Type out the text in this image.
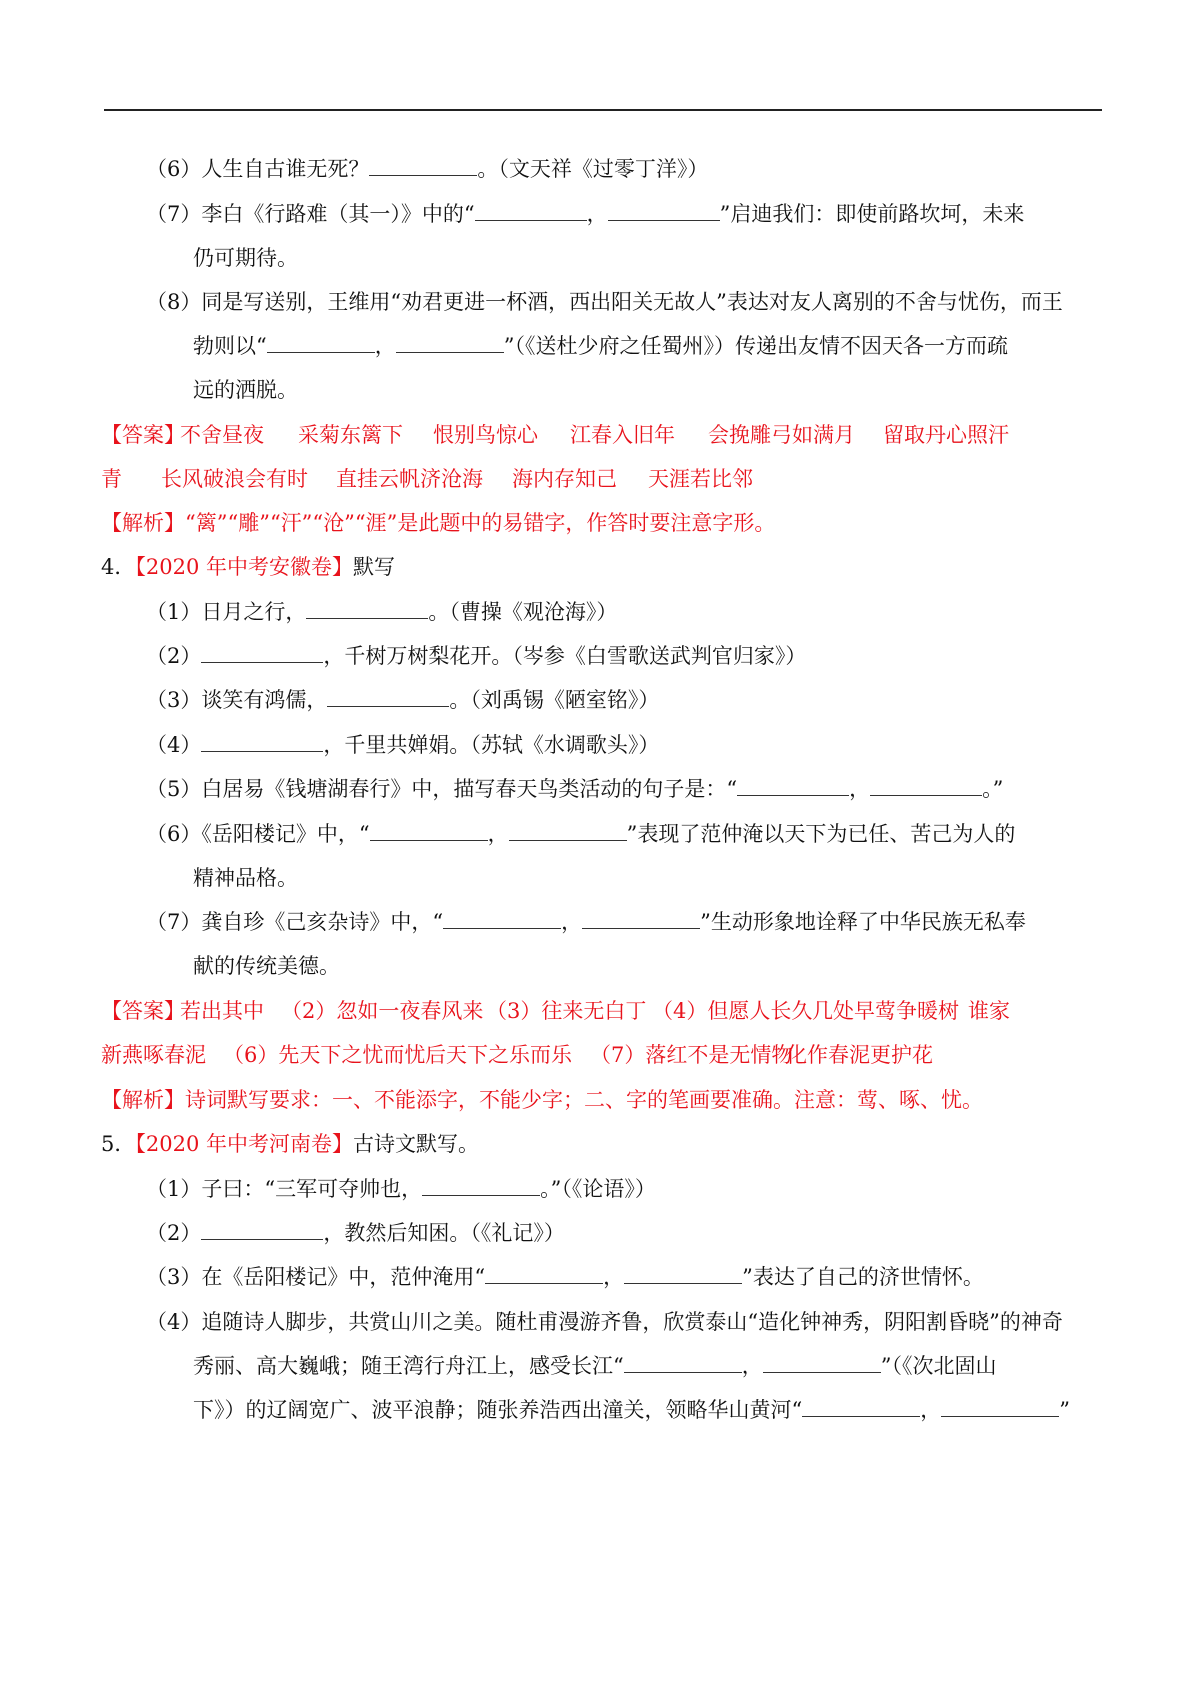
（6）人生自古谁无死？	。（文天祥《过零丁洋》）
（7）李白《行路难（其一）》中的“	，	”启迪我们：即使前路坎坷，未来
仍可期待。
（8）同是写送别，王维用“劝君更进一杯酒，西出阳关无故人”表达对友人离别的不舍与忧伤，而王
勃则以“	，	”（《送杜少府之任蜀州》）传递出友情不因天各一方而疏
远的洒脱。
【答案】
不舍昼夜 采菊东篱下 恨别鸟惊心 江春入旧年 会挽雕弓如满月 留取丹心照汗
青 长风破浪会有时 直挂云帆济沧海 海内存知己 天涯若比邻
【解析】“篱”“雕”“汗”“沧”“涯”是此题中的易错字，作答时要注意字形。
4．【2020 年中考安徽卷】默写
（1）日月之行，	。（曹操《观沧海》）
（2）	，千树万树梨花开。（岑参《白雪歌送武判官归家》）
（3）谈笑有鸿儒，	。（刘禹锡《陋室铭》）
（4）	，千里共婵娟。（苏轼《水调歌头》）
（5）白居易《钱塘湖春行》中，描写春天鸟类活动的句子是：“	，	。”
（6）《岳阳楼记》中，“	，	”表现了范仲淹以天下为已任、苦己为人的
精神品格。
（7）龚自珍《己亥杂诗》中，“	，	”生动形象地诠释了中华民族无私奉
献的传统美德。
【答案】
若出其中 （2）忽如一夜春风来 （3）往来无白丁 （4）但愿人长久 几处早莺争暖树 谁家
新燕啄春泥 （6）先天下之忧而忧 后天下之乐而乐 （7）落红不是无情物
化作春泥更护花
【解析】诗词默写要求：一、不能添字，不能少字；二、字的笔画要准确。注意：莺、啄、忧。
5．【2020 年中考河南卷】古诗文默写。
（1）子曰：“三军可夺帅也，	。”（《论语》）
（2）	，教然后知困。（《礼记》）
（3）在《岳阳楼记》中，范仲淹用“	，	”表达了自己的济世情怀。
（4）追随诗人脚步，共赏山川之美。随杜甫漫游齐鲁，欣赏泰山“造化钟神秀，阴阳割昏晓”的神奇
秀丽、高大巍峨；随王湾行舟江上，感受长江“	，	”（《次北固山
下》）的辽阔宽广、波平浪静；随张养浩西出潼关，领略华山黄河“	，	”
